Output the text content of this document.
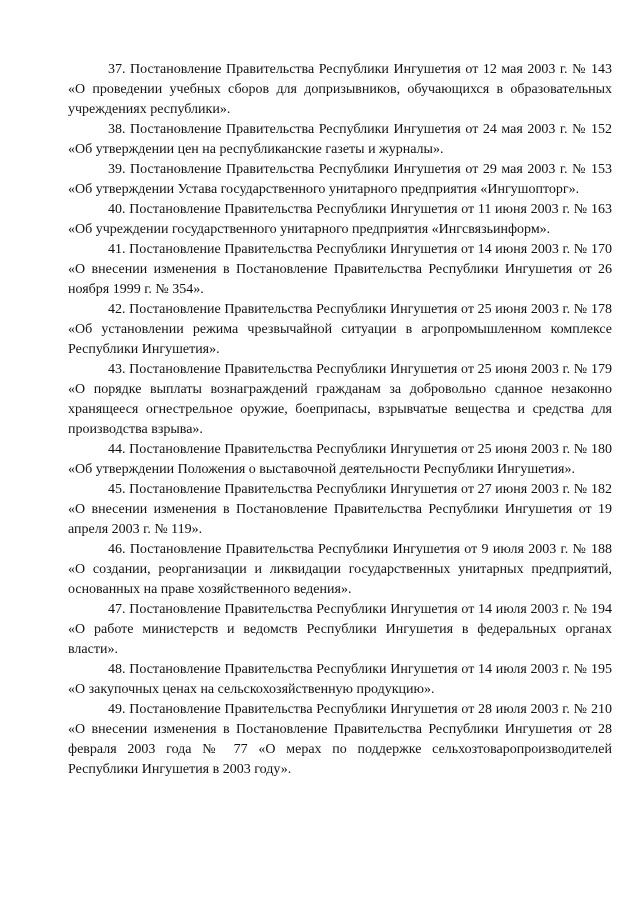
37. Постановление Правительства Республики Ингушетия от 12 мая 2003 г. № 143 «О проведении учебных сборов для допризывников, обучающихся в образовательных учреждениях республики».

38. Постановление Правительства Республики Ингушетия от 24 мая 2003 г. № 152 «Об утверждении цен на республиканские газеты и журналы».

39. Постановление Правительства Республики Ингушетия от 29 мая 2003 г. № 153 «Об утверждении Устава государственного унитарного предприятия «Ингушопторг».

40. Постановление Правительства Республики Ингушетия от 11 июня 2003 г. № 163 «Об учреждении государственного унитарного предприятия «Ингсвязьинформ».

41. Постановление Правительства Республики Ингушетия от 14 июня 2003 г. № 170 «О внесении изменения в Постановление Правительства Республики Ингушетия от 26 ноября 1999 г. № 354».

42. Постановление Правительства Республики Ингушетия от 25 июня 2003 г. № 178 «Об установлении режима чрезвычайной ситуации в агропромышленном комплексе Республики Ингушетия».

43. Постановление Правительства Республики Ингушетия от 25 июня 2003 г. № 179 «О порядке выплаты вознаграждений гражданам за добровольно сданное незаконно хранящееся огнестрельное оружие, боеприпасы, взрывчатые вещества и средства для производства взрыва».

44. Постановление Правительства Республики Ингушетия от 25 июня 2003 г. № 180 «Об утверждении Положения о выставочной деятельности Республики Ингушетия».

45. Постановление Правительства Республики Ингушетия от 27 июня 2003 г. № 182 «О внесении изменения в Постановление Правительства Республики Ингушетия от 19 апреля 2003 г. № 119».

46. Постановление Правительства Республики Ингушетия от 9 июля 2003 г. № 188 «О создании, реорганизации и ликвидации государственных унитарных предприятий, основанных на праве хозяйственного ведения».

47. Постановление Правительства Республики Ингушетия от 14 июля 2003 г. № 194 «О работе министерств и ведомств Республики Ингушетия в федеральных органах власти».

48. Постановление Правительства Республики Ингушетия от 14 июля 2003 г. № 195 «О закупочных ценах на сельскохозяйственную продукцию».

49. Постановление Правительства Республики Ингушетия от 28 июля 2003 г. № 210 «О внесении изменения в Постановление Правительства Республики Ингушетия от 28 февраля 2003 года № 77 «О мерах по поддержке сельхозтоваропроизводителей Республики Ингушетия в 2003 году».
